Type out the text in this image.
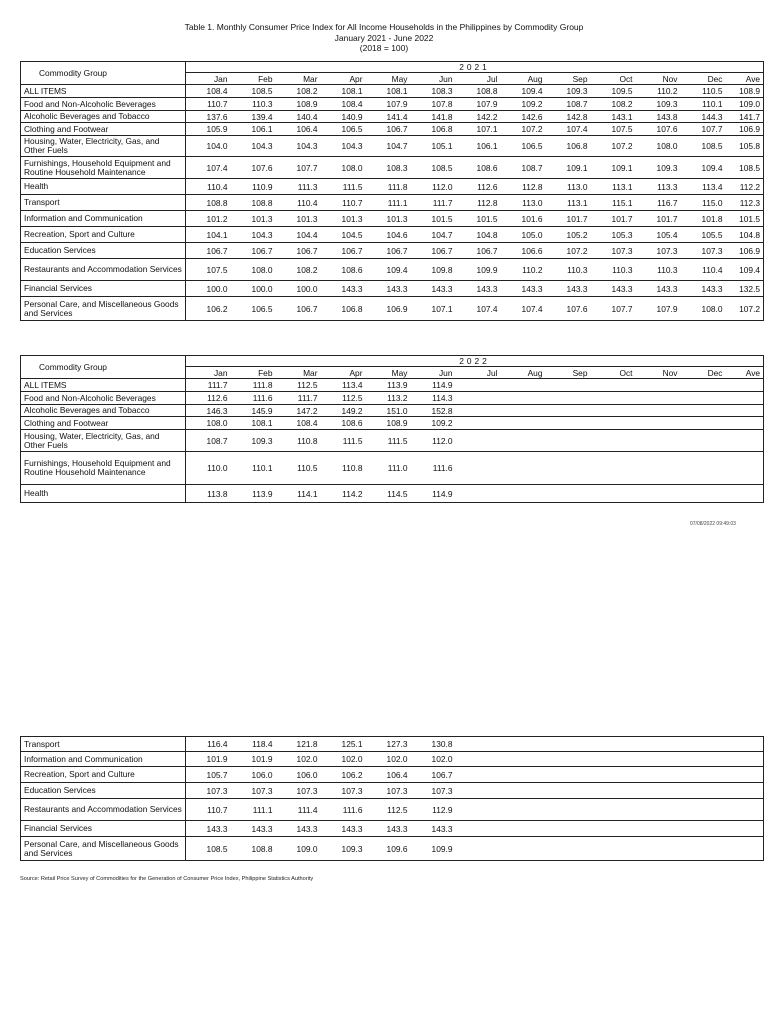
Table 1. Monthly Consumer Price Index for All Income Households in the Philippines by Commodity Group
January 2021 - June 2022
(2018 = 100)
Commodity Group	2021												
	Jan	Feb	Mar	Apr	May	Jun	Jul	Aug	Sep	Oct	Nov	Dec	Ave
ALL ITEMS	108.4	108.5	108.2	108.1	108.1	108.3	108.8	109.4	109.3	109.5	110.2	110.5	108.9
Food and Non-Alcoholic Beverages	110.7	110.3	108.9	108.4	107.9	107.8	107.9	109.2	108.7	108.2	109.3	110.1	109.0
Alcoholic Beverages and Tobacco	137.6	139.4	140.4	140.9	141.4	141.8	142.2	142.6	142.8	143.1	143.8	144.3	141.7
Clothing and Footwear	105.9	106.1	106.4	106.5	106.7	106.8	107.1	107.2	107.4	107.5	107.6	107.7	106.9
Housing, Water, Electricity, Gas, and Other Fuels	104.0	104.3	104.3	104.3	104.7	105.1	106.1	106.5	106.8	107.2	108.0	108.5	105.8
Furnishings, Household Equipment and Routine Household Maintenance	107.4	107.6	107.7	108.0	108.3	108.5	108.6	108.7	109.1	109.1	109.3	109.4	108.5
Health	110.4	110.9	111.3	111.5	111.8	112.0	112.6	112.8	113.0	113.1	113.3	113.4	112.2
Transport	108.8	108.8	110.4	110.7	111.1	111.7	112.8	113.0	113.1	115.1	116.7	115.0	112.3
Information and Communication	101.2	101.3	101.3	101.3	101.3	101.5	101.5	101.6	101.7	101.7	101.7	101.8	101.5
Recreation, Sport and Culture	104.1	104.3	104.4	104.5	104.6	104.7	104.8	105.0	105.2	105.3	105.4	105.5	104.8
Education Services	106.7	106.7	106.7	106.7	106.7	106.7	106.7	106.6	107.2	107.3	107.3	107.3	106.9
Restaurants and Accommodation Services	107.5	108.0	108.2	108.6	109.4	109.8	109.9	110.2	110.3	110.3	110.3	110.4	109.4
Financial Services	100.0	100.0	100.0	143.3	143.3	143.3	143.3	143.3	143.3	143.3	143.3	143.3	132.5
Personal Care, and Miscellaneous Goods and Services	106.2	106.5	106.7	106.8	106.9	107.1	107.4	107.4	107.6	107.7	107.9	108.0	107.2
Commodity Group	2022												
	Jan	Feb	Mar	Apr	May	Jun	Jul	Aug	Sep	Oct	Nov	Dec	Ave
ALL ITEMS	111.7	111.8	112.5	113.4	113.9	114.9							
Food and Non-Alcoholic Beverages	112.6	111.6	111.7	112.5	113.2	114.3							
Alcoholic Beverages and Tobacco	146.3	145.9	147.2	149.2	151.0	152.8							
Clothing and Footwear	108.0	108.1	108.4	108.6	108.9	109.2							
Housing, Water, Electricity, Gas, and Other Fuels	108.7	109.3	110.8	111.5	111.5	112.0							
Furnishings, Household Equipment and Routine Household Maintenance	110.0	110.1	110.5	110.8	111.0	111.6							
Health	113.8	113.9	114.1	114.2	114.5	114.9							
07/08/2022 09:49:03
Transport	116.4	118.4	121.8	125.1	127.3	130.8							
Information and Communication	101.9	101.9	102.0	102.0	102.0	102.0							
Recreation, Sport and Culture	105.7	106.0	106.0	106.2	106.4	106.7							
Education Services	107.3	107.3	107.3	107.3	107.3	107.3							
Restaurants and Accommodation Services	110.7	111.1	111.4	111.6	112.5	112.9							
Financial Services	143.3	143.3	143.3	143.3	143.3	143.3							
Personal Care, and Miscellaneous Goods and Services	108.5	108.8	109.0	109.3	109.6	109.9							
Source: Retail Price Survey of Commodities for the Generation of Consumer Price Index, Philippine Statistics Authority
